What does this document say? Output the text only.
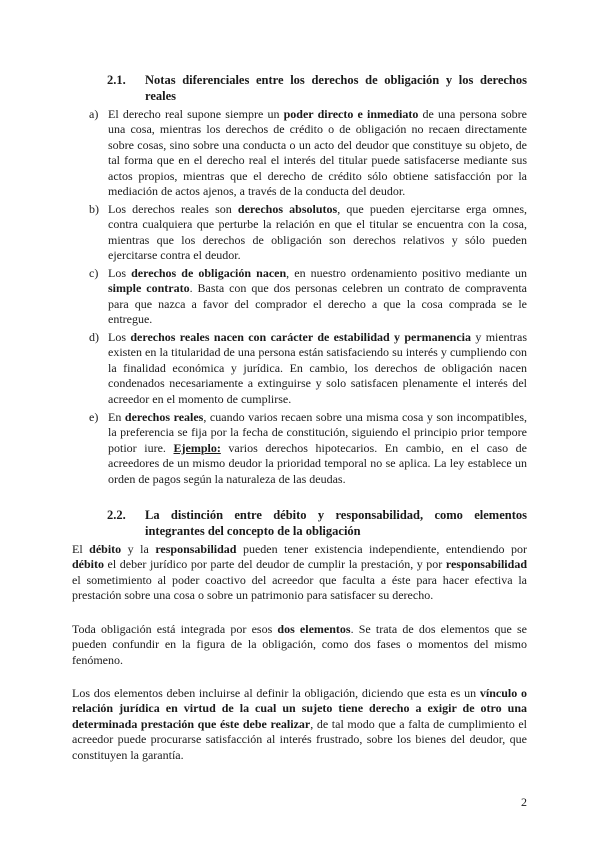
2.1.	Notas diferenciales entre los derechos de obligación y los derechos reales
a) El derecho real supone siempre un poder directo e inmediato de una persona sobre una cosa, mientras los derechos de crédito o de obligación no recaen directamente sobre cosas, sino sobre una conducta o un acto del deudor que constituye su objeto, de tal forma que en el derecho real el interés del titular puede satisfacerse mediante sus actos propios, mientras que el derecho de crédito sólo obtiene satisfacción por la mediación de actos ajenos, a través de la conducta del deudor.
b) Los derechos reales son derechos absolutos, que pueden ejercitarse erga omnes, contra cualquiera que perturbe la relación en que el titular se encuentra con la cosa, mientras que los derechos de obligación son derechos relativos y sólo pueden ejercitarse contra el deudor.
c) Los derechos de obligación nacen, en nuestro ordenamiento positivo mediante un simple contrato. Basta con que dos personas celebren un contrato de compraventa para que nazca a favor del comprador el derecho a que la cosa comprada se le entregue.
d) Los derechos reales nacen con carácter de estabilidad y permanencia y mientras existen en la titularidad de una persona están satisfaciendo su interés y cumpliendo con la finalidad económica y jurídica. En cambio, los derechos de obligación nacen condenados necesariamente a extinguirse y solo satisfacen plenamente el interés del acreedor en el momento de cumplirse.
e) En derechos reales, cuando varios recaen sobre una misma cosa y son incompatibles, la preferencia se fija por la fecha de constitución, siguiendo el principio prior tempore potior iure. Ejemplo: varios derechos hipotecarios. En cambio, en el caso de acreedores de un mismo deudor la prioridad temporal no se aplica. La ley establece un orden de pagos según la naturaleza de las deudas.
2.2.	La distinción entre débito y responsabilidad, como elementos integrantes del concepto de la obligación
El débito y la responsabilidad pueden tener existencia independiente, entendiendo por débito el deber jurídico por parte del deudor de cumplir la prestación, y por responsabilidad el sometimiento al poder coactivo del acreedor que faculta a éste para hacer efectiva la prestación sobre una cosa o sobre un patrimonio para satisfacer su derecho.
Toda obligación está integrada por esos dos elementos. Se trata de dos elementos que se pueden confundir en la figura de la obligación, como dos fases o momentos del mismo fenómeno.
Los dos elementos deben incluirse al definir la obligación, diciendo que esta es un vínculo o relación jurídica en virtud de la cual un sujeto tiene derecho a exigir de otro una determinada prestación que éste debe realizar, de tal modo que a falta de cumplimiento el acreedor puede procurarse satisfacción al interés frustrado, sobre los bienes del deudor, que constituyen la garantía.
2
